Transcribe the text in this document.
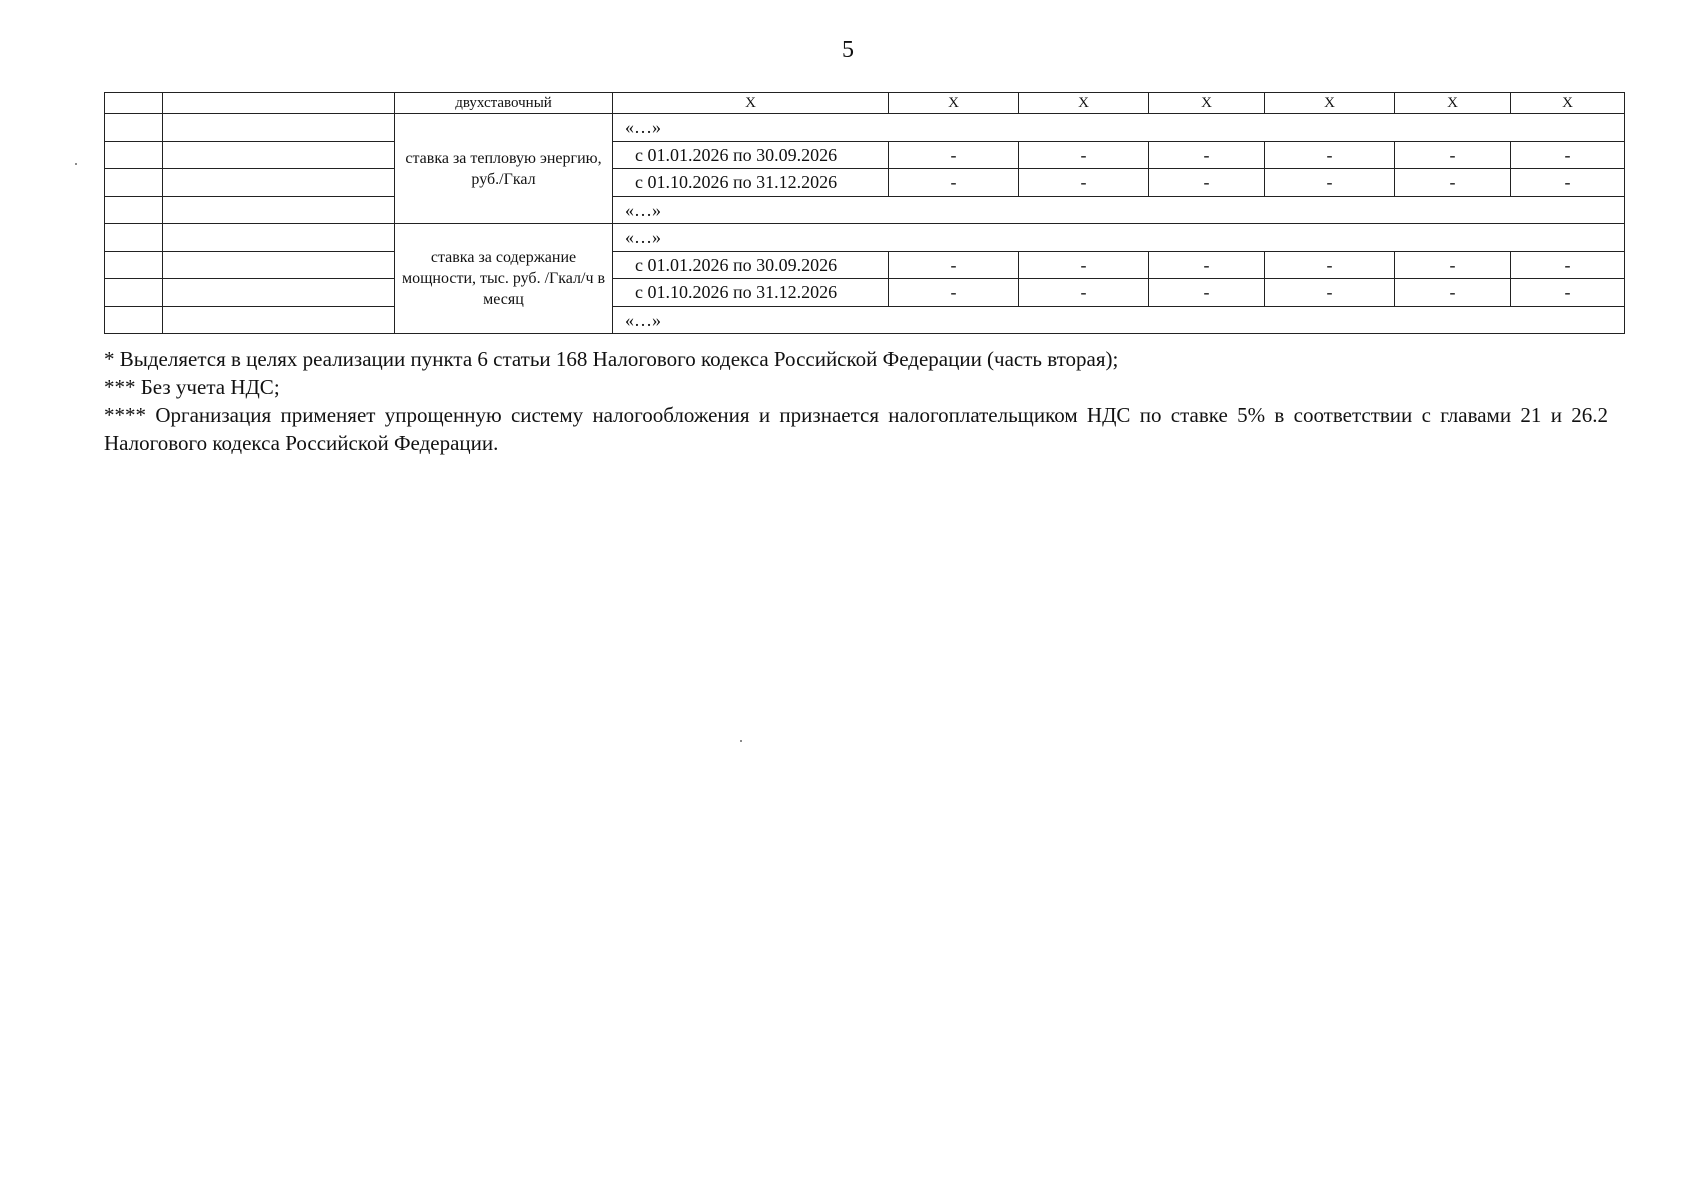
5
		двухставочный	Х	Х	Х	Х	Х	Х	Х
		ставка за тепловую энергию, руб./Гкал	«…»						
			с 01.01.2026 по 30.09.2026	-	-	-	-	-	-
			с 01.10.2026 по 31.12.2026	-	-	-	-	-	-
			«…»						
		ставка за содержание мощности, тыс. руб. /Гкал/ч в месяц	«…»						
			с 01.01.2026 по 30.09.2026	-	-	-	-	-	-
			с 01.10.2026 по 31.12.2026	-	-	-	-	-	-
			«…»						

* Выделяется в целях реализации пункта 6 статьи 168 Налогового кодекса Российской Федерации (часть вторая);

*** Без учета НДС;

**** Организация применяет упрощенную систему налогообложения и признается налогоплательщиком НДС по ставке 5% в соответствии с главами 21 и 26.2 Налогового кодекса Российской Федерации.
